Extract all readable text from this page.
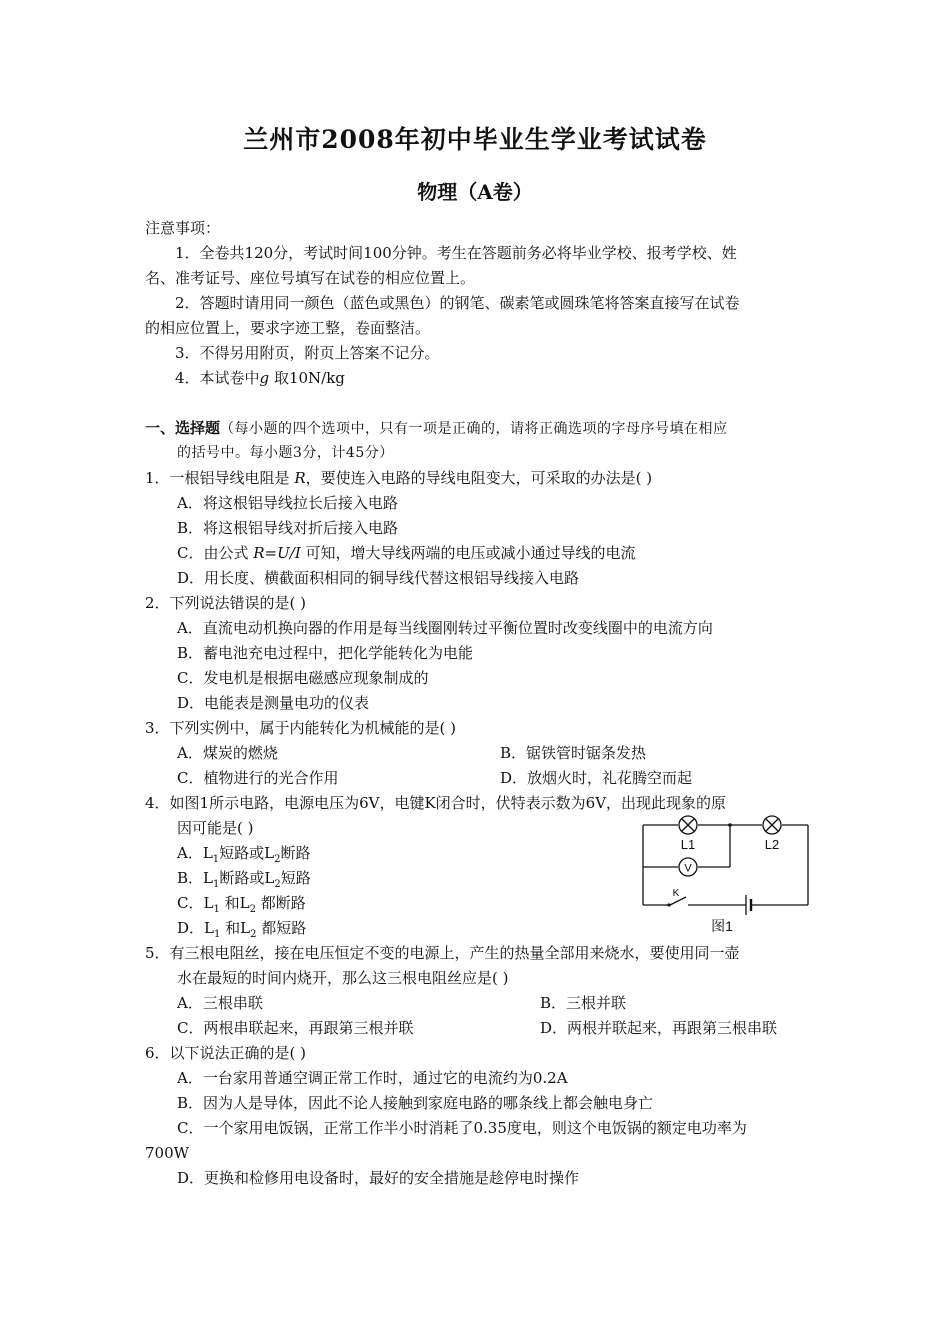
兰州市2008年初中毕业生学业考试试卷
物理（A卷）
注意事项：
1．全卷共120分，考试时间100分钟。考生在答题前务必将毕业学校、报考学校、姓
名、准考证号、座位号填写在试卷的相应位置上。
2．答题时请用同一颜色（蓝色或黑色）的钢笔、碳素笔或圆珠笔将答案直接写在试卷
的相应位置上，要求字迹工整，卷面整洁。
3．不得另用附页，附页上答案不记分。
4．本试卷中g 取10N/kg
一、选择题（每小题的四个选项中，只有一项是正确的，请将正确选项的字母序号填在相应
的括号中。每小题3分，计45分）
1．一根铝导线电阻是 R，要使连入电路的导线电阻变大，可采取的办法是( )
A．将这根铝导线拉长后接入电路
B．将这根铝导线对折后接入电路
C．由公式 R=U/I 可知，增大导线两端的电压或减小通过导线的电流
D．用长度、横截面积相同的铜导线代替这根铝导线接入电路
2．下列说法错误的是( )
A．直流电动机换向器的作用是每当线圈刚转过平衡位置时改变线圈中的电流方向
B．蓄电池充电过程中，把化学能转化为电能
C．发电机是根据电磁感应现象制成的
D．电能表是测量电功的仪表
3．下列实例中，属于内能转化为机械能的是( )
A．煤炭的燃烧	B．锯铁管时锯条发热
C．植物进行的光合作用	D．放烟火时，礼花腾空而起
4．如图1所示电路，电源电压为6V，电键K闭合时，伏特表示数为6V，出现此现象的原
因可能是( )
A．$L_1$短路或$L_2$断路
B．$L_1$断路或$L_2$短路
C．$L_1$ 和$L_2$ 都断路
D．$L_1$ 和$L_2$ 都短路
5．有三根电阻丝，接在电压恒定不变的电源上，产生的热量全部用来烧水，要使用同一壶
水在最短的时间内烧开，那么这三根电阻丝应是( )
A．三根串联	B．三根并联
C．两根串联起来，再跟第三根并联	D．两根并联起来，再跟第三根串联
6．以下说法正确的是( )
A．一台家用普通空调正常工作时，通过它的电流约为0.2A
B．因为人是导体，因此不论人接触到家庭电路的哪条线上都会触电身亡
C．一个家用电饭锅，正常工作半小时消耗了0.35度电，则这个电饭锅的额定电功率为
700W
D．更换和检修用电设备时，最好的安全措施是趁停电时操作
V
L1	L2
K
图1
